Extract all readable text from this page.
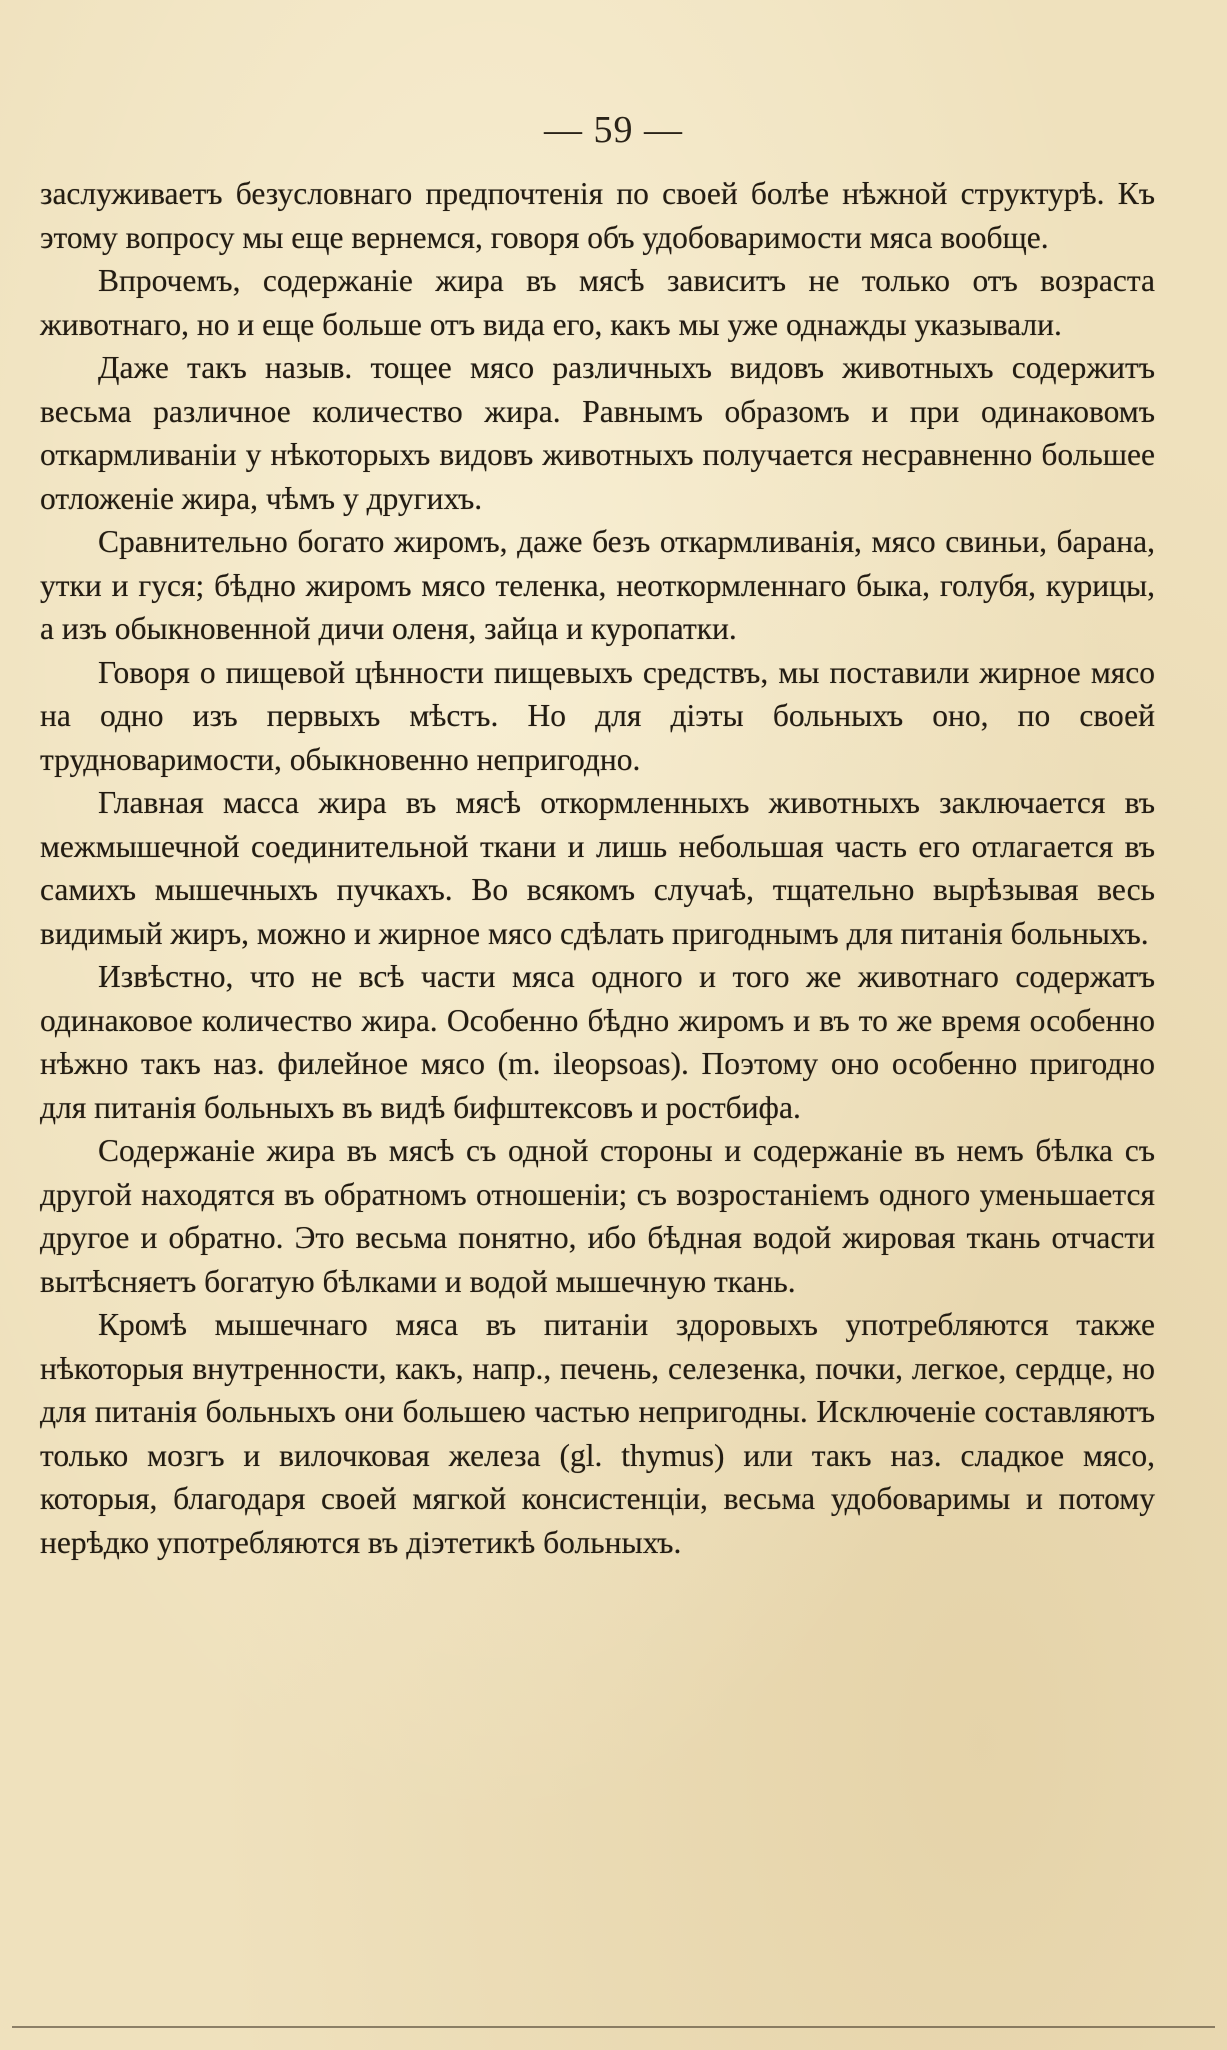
— 59 —

заслуживаетъ безусловнаго предпочтенія по своей болѣе нѣжной структурѣ. Къ этому вопросу мы еще вернемся, говоря объ удобоваримости мяса вообще.

Впрочемъ, содержаніе жира въ мясѣ зависитъ не только отъ возраста животнаго, но и еще больше отъ вида его, какъ мы уже однажды указывали.

Даже такъ назыв. тощее мясо различныхъ видовъ животныхъ содержитъ весьма различное количество жира. Равнымъ образомъ и при одинаковомъ откармливаніи у нѣкоторыхъ видовъ животныхъ получается несравненно большее отложеніе жира, чѣмъ у другихъ.

Сравнительно богато жиромъ, даже безъ откармливанія, мясо свиньи, барана, утки и гуся; бѣдно жиромъ мясо теленка, неоткормленнаго быка, голубя, курицы, а изъ обыкновенной дичи оленя, зайца и куропатки.

Говоря о пищевой цѣнности пищевыхъ средствъ, мы поставили жирное мясо на одно изъ первыхъ мѣстъ. Но для діэты больныхъ оно, по своей трудноваримости, обыкновенно непригодно.

Главная масса жира въ мясѣ откормленныхъ животныхъ заключается въ межмышечной соединительной ткани и лишь небольшая часть его отлагается въ самихъ мышечныхъ пучкахъ. Во всякомъ случаѣ, тщательно вырѣзывая весь видимый жиръ, можно и жирное мясо сдѣлать пригоднымъ для питанія больныхъ.

Извѣстно, что не всѣ части мяса одного и того же животнаго содержатъ одинаковое количество жира. Особенно бѣдно жиромъ и въ то же время особенно нѣжно такъ наз. филейное мясо (m. ileopsoas). Поэтому оно особенно пригодно для питанія больныхъ въ видѣ бифштексовъ и ростбифа.

Содержаніе жира въ мясѣ съ одной стороны и содержаніе въ немъ бѣлка съ другой находятся въ обратномъ отношеніи; съ возростаніемъ одного уменьшается другое и обратно. Это весьма понятно, ибо бѣдная водой жировая ткань отчасти вытѣсняетъ богатую бѣлками и водой мышечную ткань.

Кромѣ мышечнаго мяса въ питаніи здоровыхъ употребляются также нѣкоторыя внутренности, какъ, напр., печень, селезенка, почки, легкое, сердце, но для питанія больныхъ они большею частью непригодны. Исключеніе составляютъ только мозгъ и вилочковая железа (gl. thymus) или такъ наз. сладкое мясо, которыя, благодаря своей мягкой консистенціи, весьма удобоваримы и потому нерѣдко употребляются въ діэтетикѣ больныхъ.
